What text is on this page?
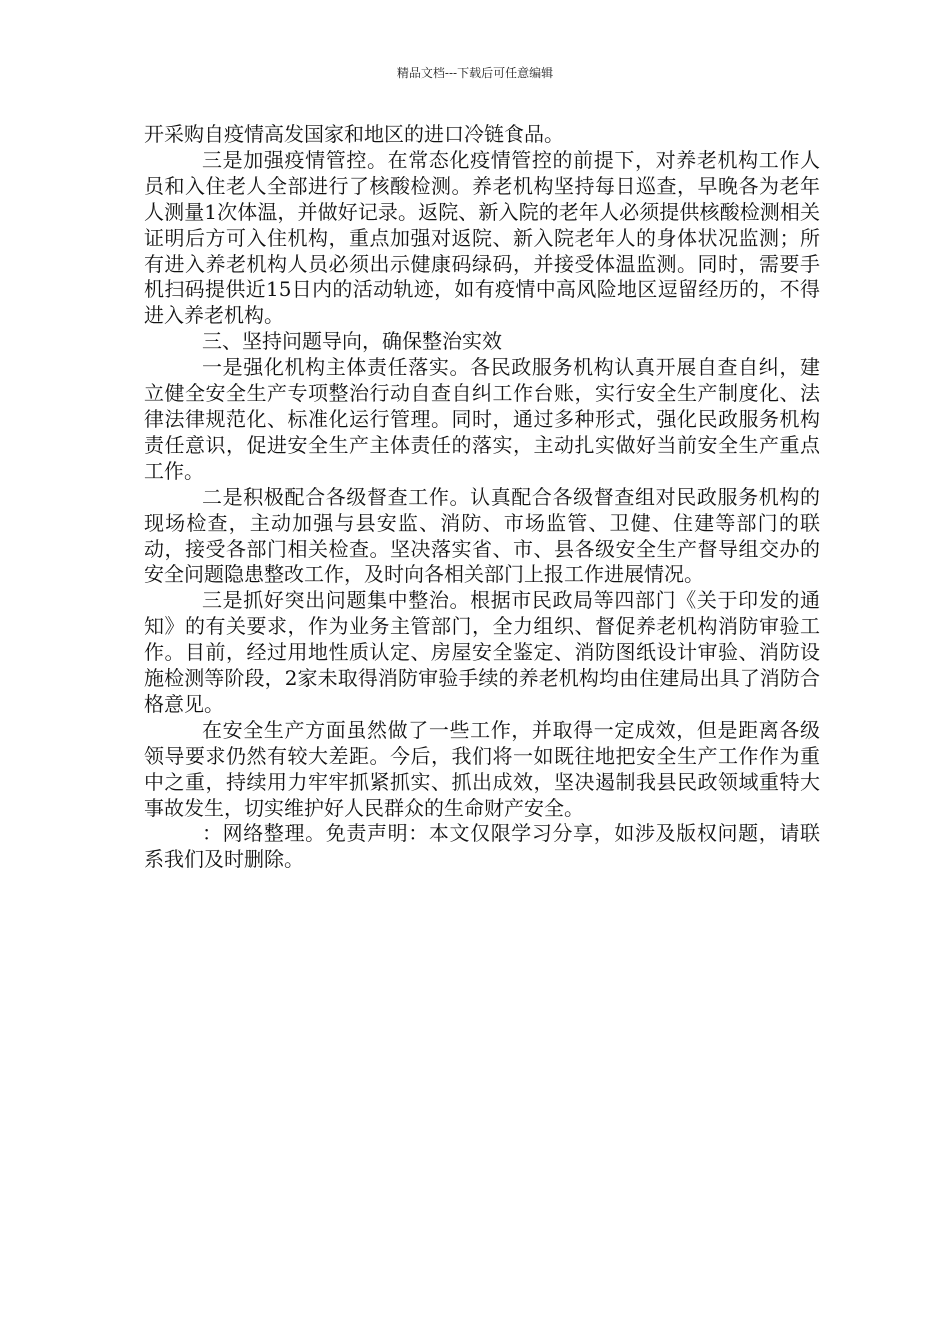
精品文档---下载后可任意编辑

开采购自疫情高发国家和地区的进口冷链食品。

三是加强疫情管控。在常态化疫情管控的前提下，对养老机构工作人员和入住老人全部进行了核酸检测。养老机构坚持每日巡查，早晚各为老年人测量1次体温，并做好记录。返院、新入院的老年人必须提供核酸检测相关证明后方可入住机构，重点加强对返院、新入院老年人的身体状况监测；所有进入养老机构人员必须出示健康码绿码，并接受体温监测。同时，需要手机扫码提供近15日内的活动轨迹，如有疫情中高风险地区逗留经历的，不得进入养老机构。

三、坚持问题导向，确保整治实效

一是强化机构主体责任落实。各民政服务机构认真开展自查自纠，建立健全安全生产专项整治行动自查自纠工作台账，实行安全生产制度化、法律法律规范化、标准化运行管理。同时，通过多种形式，强化民政服务机构责任意识，促进安全生产主体责任的落实，主动扎实做好当前安全生产重点工作。

二是积极配合各级督查工作。认真配合各级督查组对民政服务机构的现场检查，主动加强与县安监、消防、市场监管、卫健、住建等部门的联动，接受各部门相关检查。坚决落实省、市、县各级安全生产督导组交办的安全问题隐患整改工作，及时向各相关部门上报工作进展情况。

三是抓好突出问题集中整治。根据市民政局等四部门《关于印发的通知》的有关要求，作为业务主管部门，全力组织、督促养老机构消防审验工作。目前，经过用地性质认定、房屋安全鉴定、消防图纸设计审验、消防设施检测等阶段，2家未取得消防审验手续的养老机构均由住建局出具了消防合格意见。

在安全生产方面虽然做了一些工作，并取得一定成效，但是距离各级领导要求仍然有较大差距。今后，我们将一如既往地把安全生产工作作为重中之重，持续用力牢牢抓紧抓实、抓出成效，坚决遏制我县民政领域重特大事故发生，切实维护好人民群众的生命财产安全。

：网络整理。免责声明：本文仅限学习分享，如涉及版权问题，请联系我们及时删除。
